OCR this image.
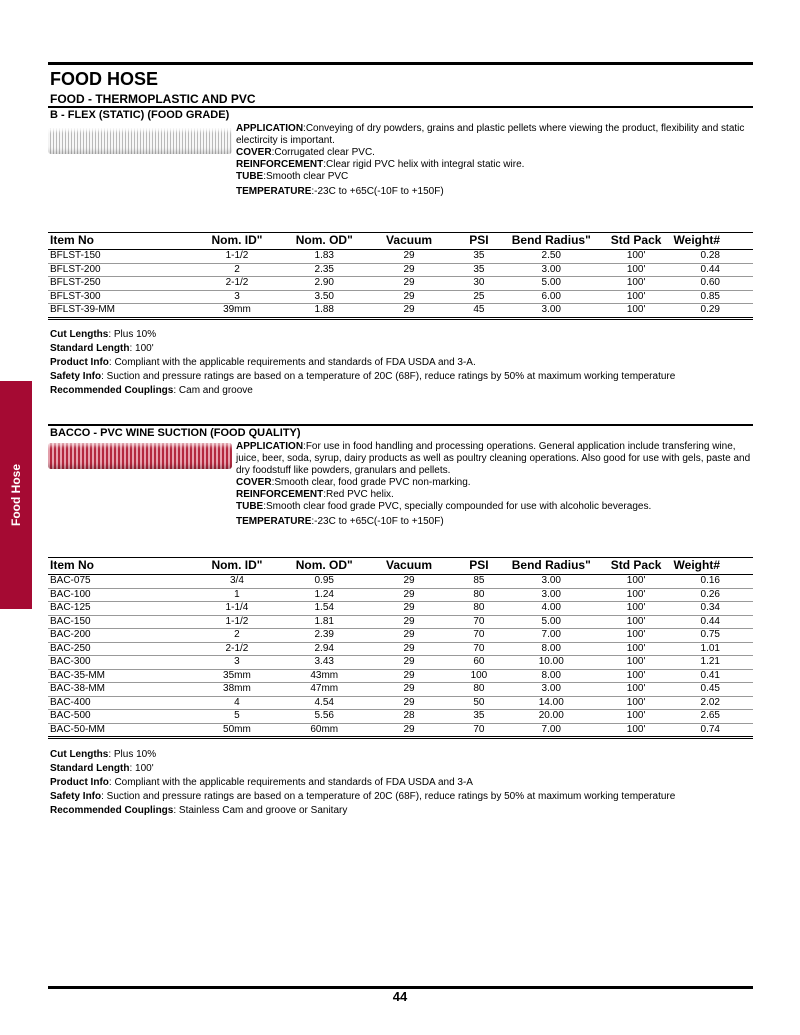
FOOD HOSE
FOOD - THERMOPLASTIC AND PVC
Food Hose
B - FLEX (STATIC) (FOOD GRADE)

APPLICATION:Conveying of dry powders, grains and plastic pellets where viewing the product, flexibility and static electircity is important.

COVER:Corrugated clear PVC.

REINFORCEMENT:Clear rigid PVC helix with integral static wire.

TUBE:Smooth clear PVC

TEMPERATURE:-23C to +65C(-10F to +150F)

Item No	Nom. ID"	Nom. OD"	Vacuum	PSI	Bend Radius"	Std Pack	Weight#
BFLST-150	1-1/2	1.83	29	35	2.50	100'	0.28
BFLST-200	2	2.35	29	35	3.00	100'	0.44
BFLST-250	2-1/2	2.90	29	30	5.00	100'	0.60
BFLST-300	3	3.50	29	25	6.00	100'	0.85
BFLST-39-MM	39mm	1.88	29	45	3.00	100'	0.29

Cut Lengths: Plus 10%

Standard Length: 100'

Product Info: Compliant with the applicable requirements and standards of FDA USDA and 3-A.

Safety Info: Suction and pressure ratings are based on a temperature of 20C (68F), reduce ratings by 50% at maximum working temperature

Recommended Couplings: Cam and groove

BACCO - PVC WINE SUCTION (FOOD QUALITY)

APPLICATION:For use in food handling and processing operations. General application include transfering wine, juice, beer, soda, syrup, dairy products as well as poultry cleaning operations. Also good for use with gels, paste and dry foodstuff like powders, granulars and pellets.

COVER:Smooth clear, food grade PVC non-marking.

REINFORCEMENT:Red PVC helix.

TUBE:Smooth clear food grade PVC, specially compounded for use with alcoholic beverages.

TEMPERATURE:-23C to +65C(-10F to +150F)

Item No	Nom. ID"	Nom. OD"	Vacuum	PSI	Bend Radius"	Std Pack	Weight#
BAC-075	3/4	0.95	29	85	3.00	100'	0.16
BAC-100	1	1.24	29	80	3.00	100'	0.26
BAC-125	1-1/4	1.54	29	80	4.00	100'	0.34
BAC-150	1-1/2	1.81	29	70	5.00	100'	0.44
BAC-200	2	2.39	29	70	7.00	100'	0.75
BAC-250	2-1/2	2.94	29	70	8.00	100'	1.01
BAC-300	3	3.43	29	60	10.00	100'	1.21
BAC-35-MM	35mm	43mm	29	100	8.00	100'	0.41
BAC-38-MM	38mm	47mm	29	80	3.00	100'	0.45
BAC-400	4	4.54	29	50	14.00	100'	2.02
BAC-500	5	5.56	28	35	20.00	100'	2.65
BAC-50-MM	50mm	60mm	29	70	7.00	100'	0.74

Cut Lengths: Plus 10%

Standard Length: 100'

Product Info: Compliant with the applicable requirements and standards of FDA USDA and 3-A

Safety Info: Suction and pressure ratings are based on a temperature of 20C (68F), reduce ratings by 50% at maximum working temperature

Recommended Couplings: Stainless Cam and groove or Sanitary

44
